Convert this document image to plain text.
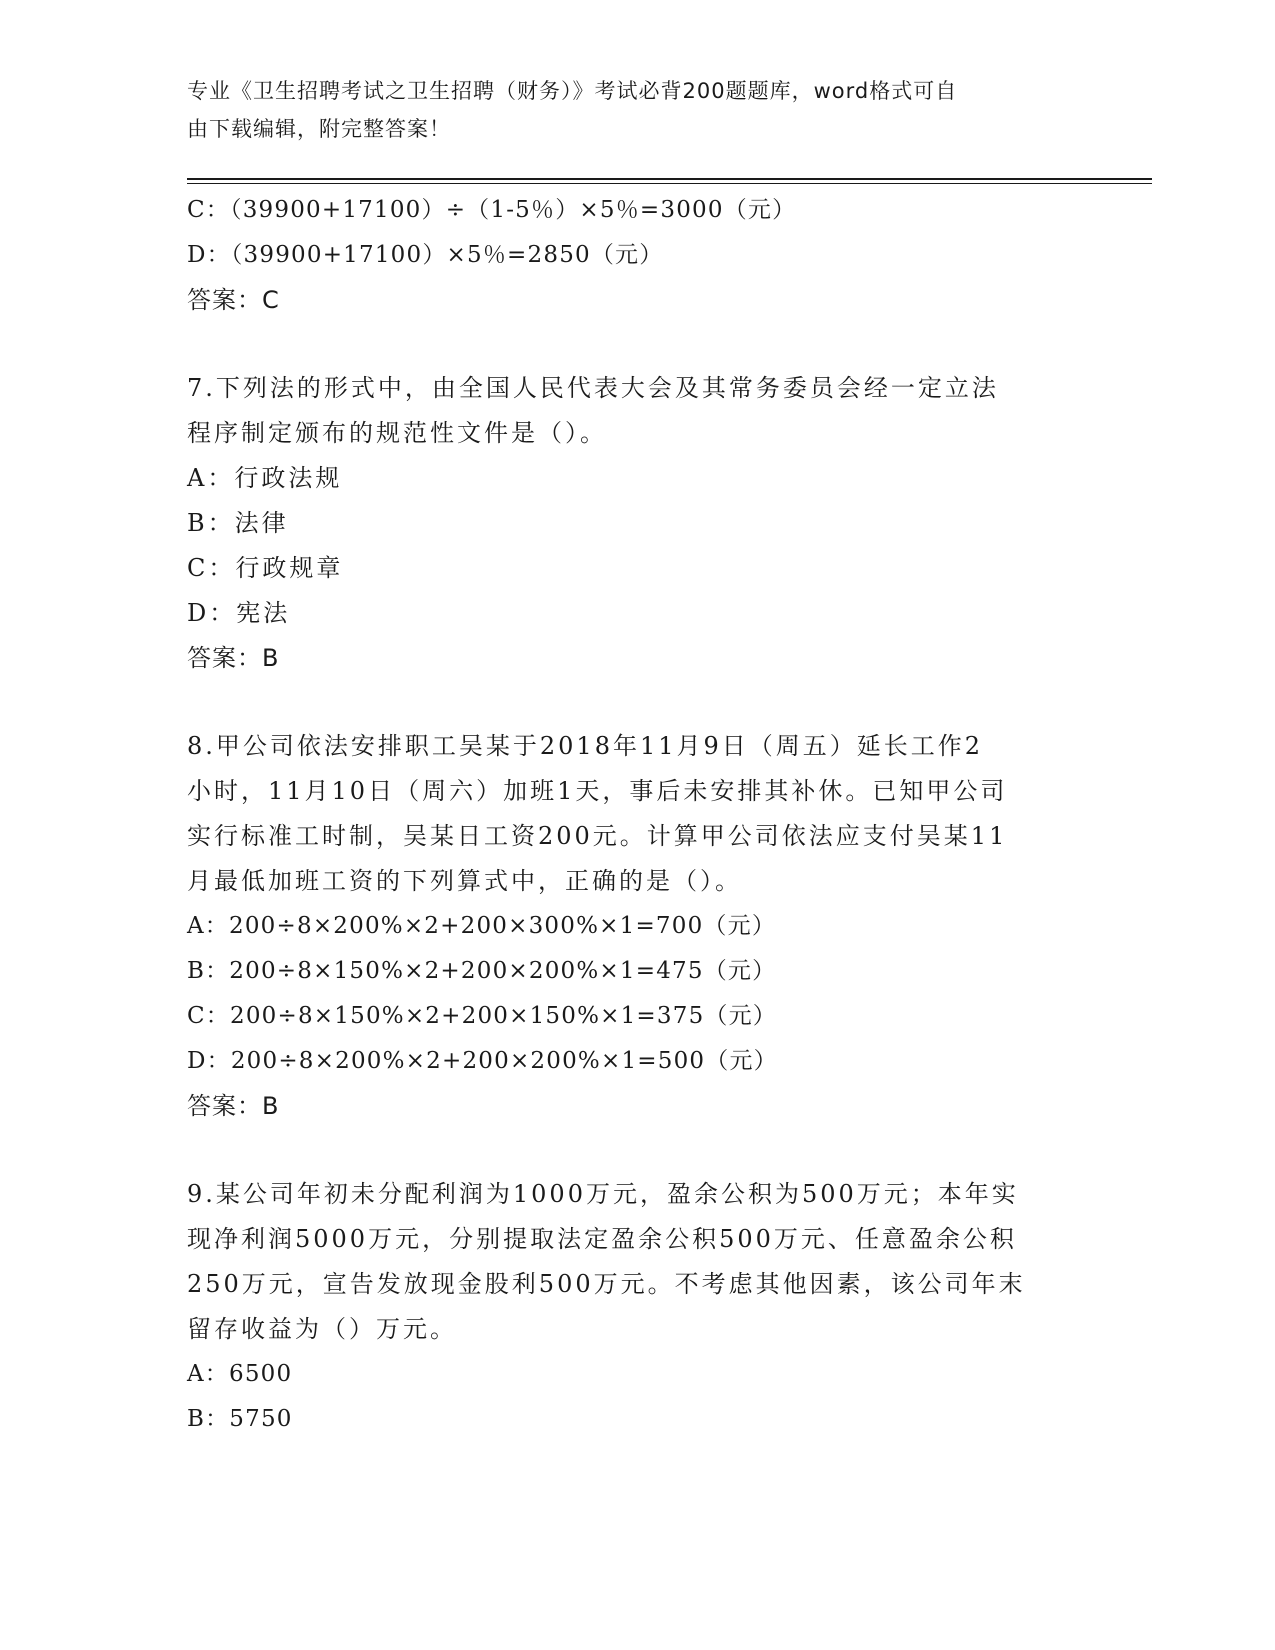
专业《卫生招聘考试之卫生招聘（财务）》考试必背200题题库，word格式可自
由下载编辑，附完整答案！
C：（39900+17100）÷（1-5％）×5％=3000（元）
D：（39900+17100）×5％=2850（元）
答案：C
7.下列法的形式中，由全国人民代表大会及其常务委员会经一定立法
程序制定颁布的规范性文件是（）。
A：行政法规
B：法律
C：行政规章
D：宪法
答案：B
8.甲公司依法安排职工吴某于2018年11月9日（周五）延长工作2
小时，11月10日（周六）加班1天，事后未安排其补休。已知甲公司
实行标准工时制，吴某日工资200元。计算甲公司依法应支付吴某11
月最低加班工资的下列算式中，正确的是（）。
A：200÷8×200%×2+200×300%×1=700（元）
B：200÷8×150%×2+200×200%×1=475（元）
C：200÷8×150%×2+200×150%×1=375（元）
D：200÷8×200%×2+200×200%×1=500（元）
答案：B
9.某公司年初未分配利润为1000万元，盈余公积为500万元；本年实
现净利润5000万元，分别提取法定盈余公积500万元、任意盈余公积
250万元，宣告发放现金股利500万元。不考虑其他因素，该公司年末
留存收益为（）万元。
A：6500
B：5750
